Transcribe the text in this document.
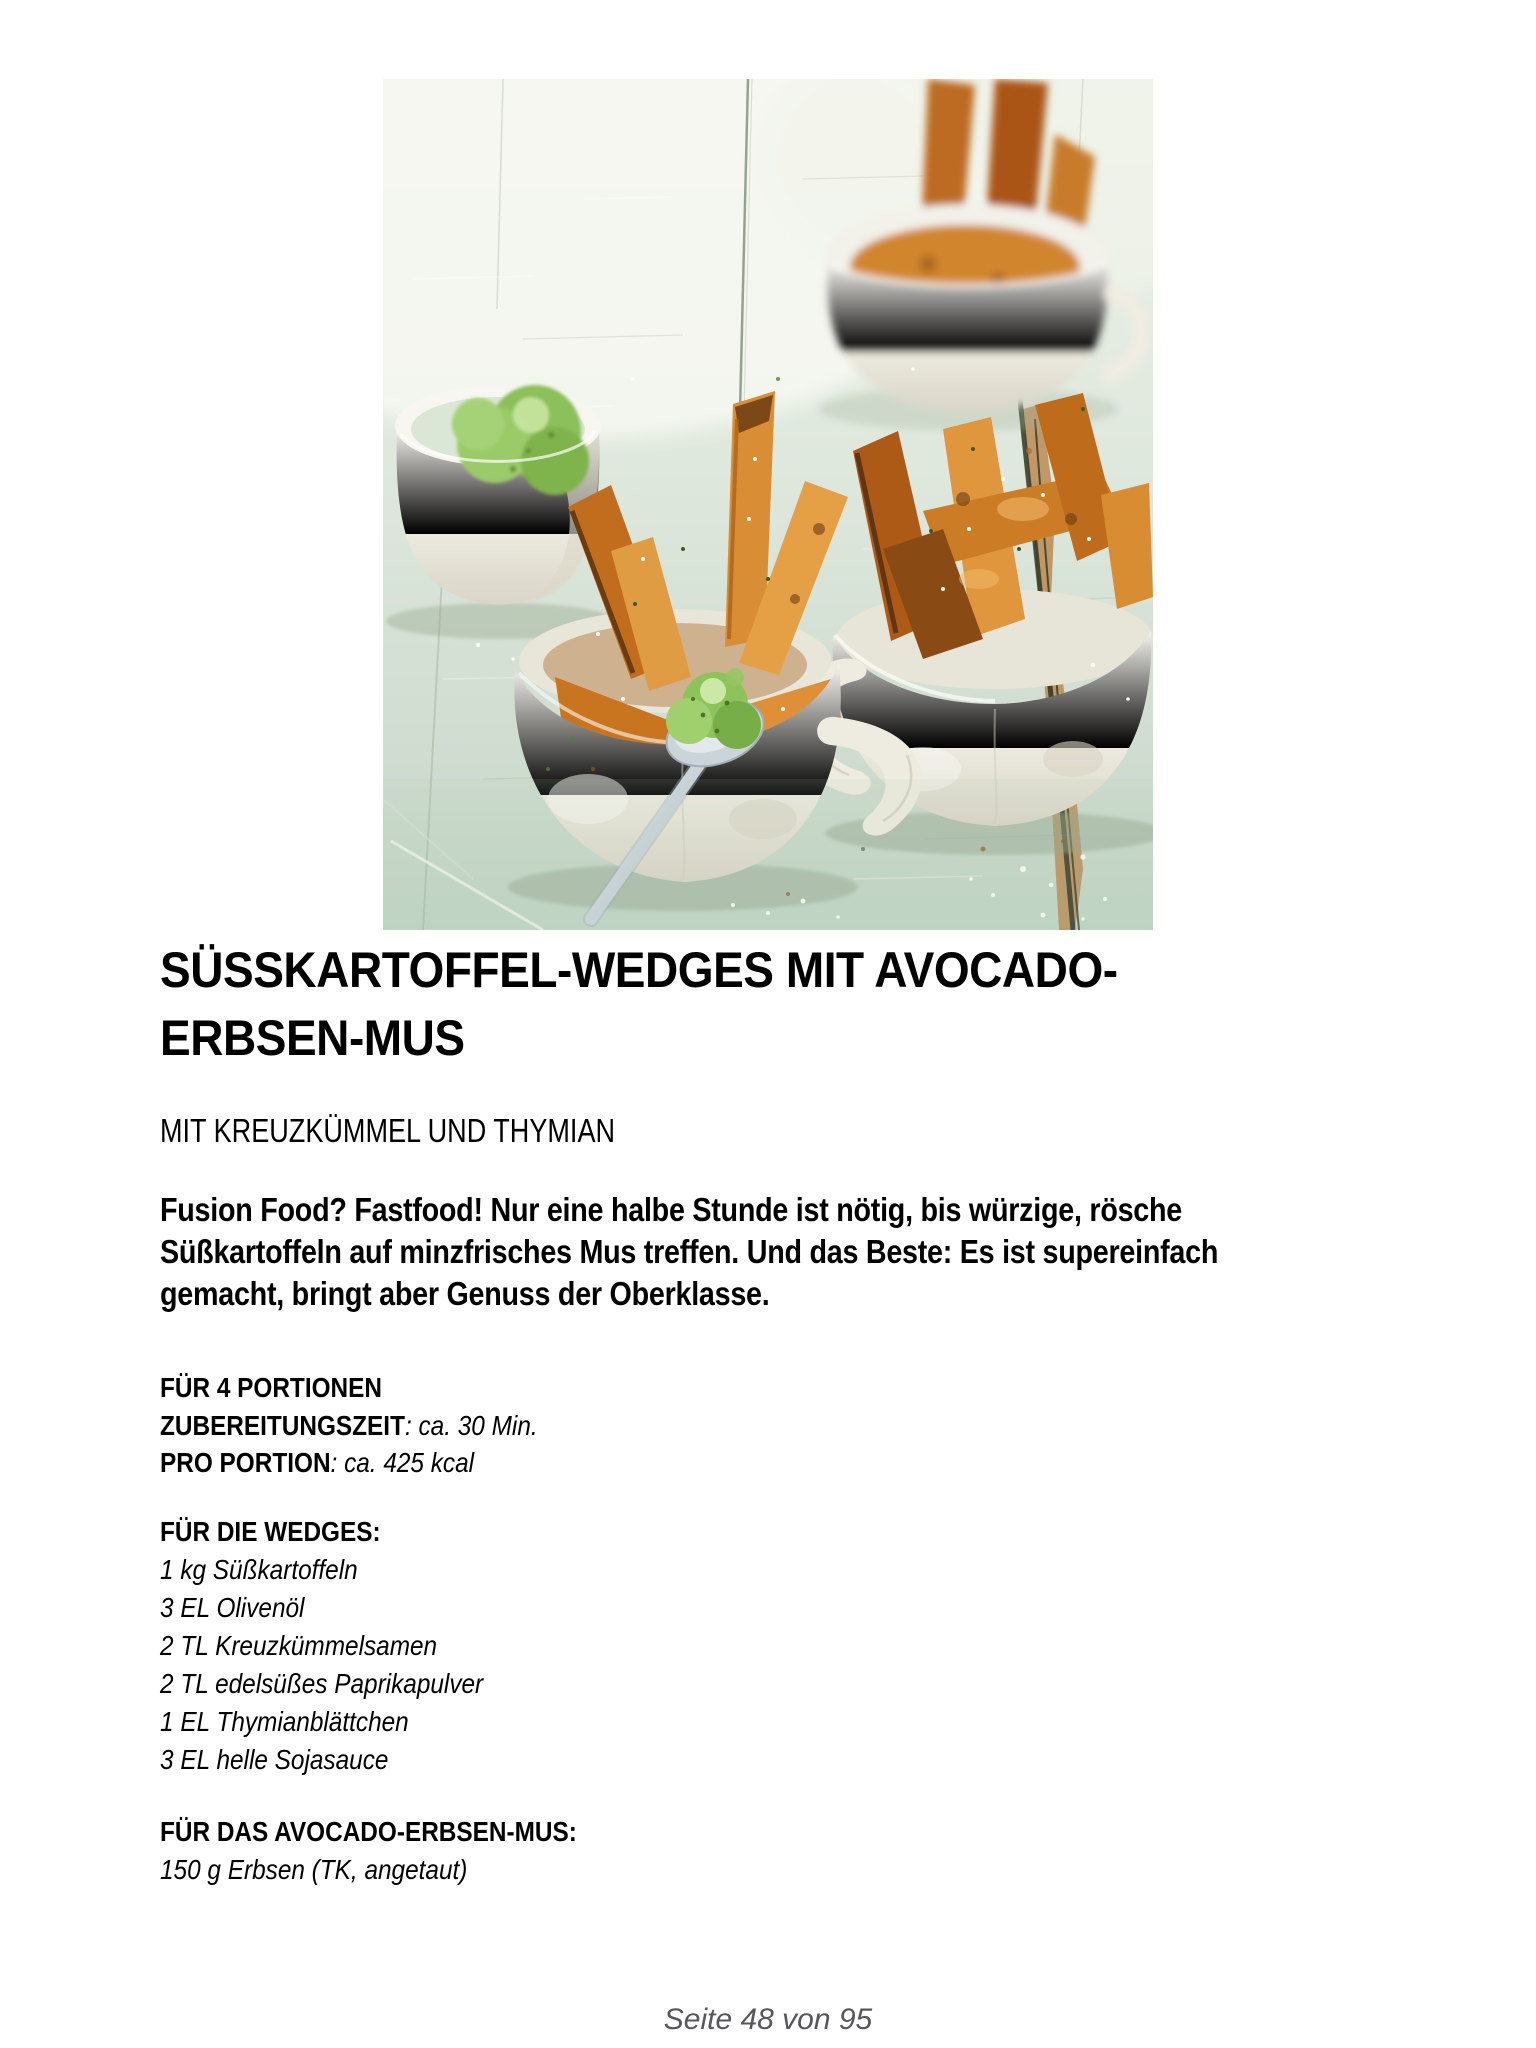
SÜSSKARTOFFEL-WEDGES MIT AVOCADO-
ERBSEN-MUS
MIT KREUZKÜMMEL UND THYMIAN
Fusion Food? Fastfood! Nur eine halbe Stunde ist nötig, bis würzige, rösche
Süßkartoffeln auf minzfrisches Mus treffen. Und das Beste: Es ist supereinfach
gemacht, bringt aber Genuss der Oberklasse.
FÜR 4 PORTIONEN
ZUBEREITUNGSZEIT: ca. 30 Min.
PRO PORTION: ca. 425 kcal
FÜR DIE WEDGES:
1 kg Süßkartoffeln
3 EL Olivenöl
2 TL Kreuzkümmelsamen
2 TL edelsüßes Paprikapulver
1 EL Thymianblättchen
3 EL helle Sojasauce
FÜR DAS AVOCADO-ERBSEN-MUS:
150 g Erbsen (TK, angetaut)
Seite 48 von 95
